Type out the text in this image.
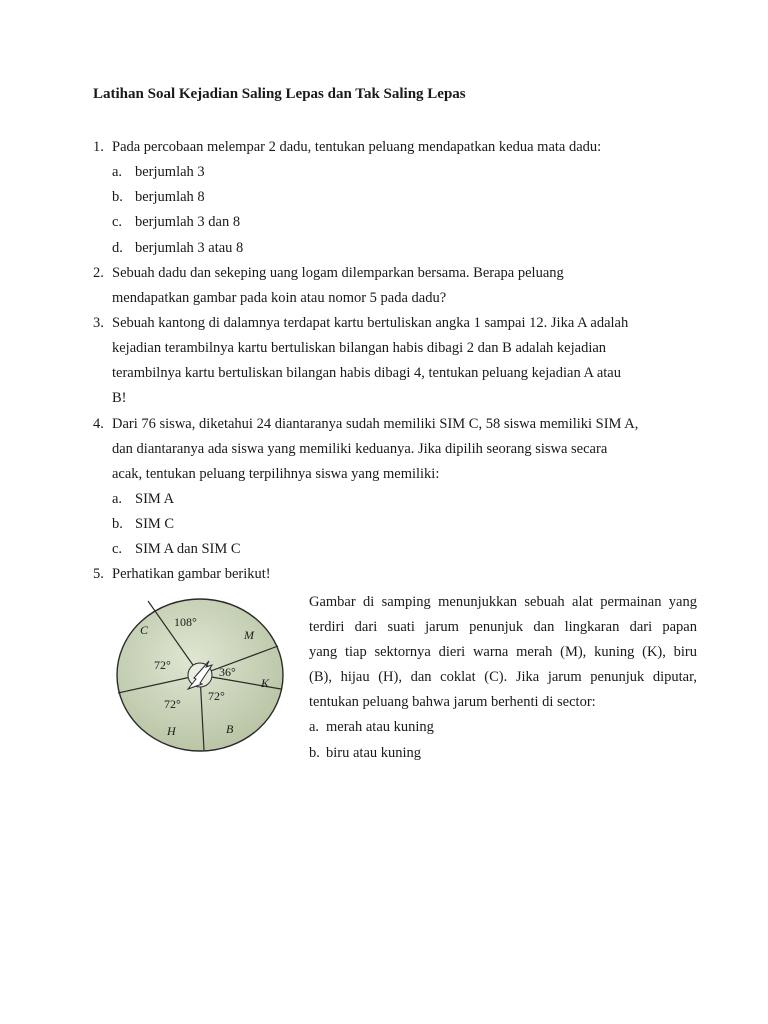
Latihan Soal Kejadian Saling Lepas dan Tak Saling Lepas
1. Pada percobaan melempar 2 dadu, tentukan peluang mendapatkan kedua mata dadu:
a. berjumlah 3
b. berjumlah 8
c. berjumlah 3 dan 8
d. berjumlah 3 atau 8
2. Sebuah dadu dan sekeping uang logam dilemparkan bersama. Berapa peluang
mendapatkan gambar pada koin atau nomor 5 pada dadu?
3. Sebuah kantong di dalamnya terdapat kartu bertuliskan angka 1 sampai 12. Jika A adalah
kejadian terambilnya kartu bertuliskan bilangan habis dibagi 2 dan B adalah kejadian
terambilnya kartu bertuliskan bilangan habis dibagi 4, tentukan peluang kejadian A atau
B!
4. Dari 76 siswa, diketahui 24 diantaranya sudah memiliki SIM C, 58 siswa memiliki SIM A,
dan diantaranya ada siswa yang memiliki keduanya. Jika dipilih seorang siswa secara
acak, tentukan peluang terpilihnya siswa yang memiliki:
a. SIM A
b. SIM C
c. SIM A dan SIM C
5. Perhatikan gambar berikut!
108°
72°	36°
72°
72°
C	M
K
B
H
Gambar di samping menunjukkan sebuah alat permainan yang
terdiri dari suati jarum penunjuk dan lingkaran dari papan
yang tiap sektornya dieri warna merah (M), kuning (K), biru
(B), hijau (H), dan coklat (C). Jika jarum penunjuk diputar,
tentukan peluang bahwa jarum berhenti di sector:
a. merah atau kuning
b. biru atau kuning
